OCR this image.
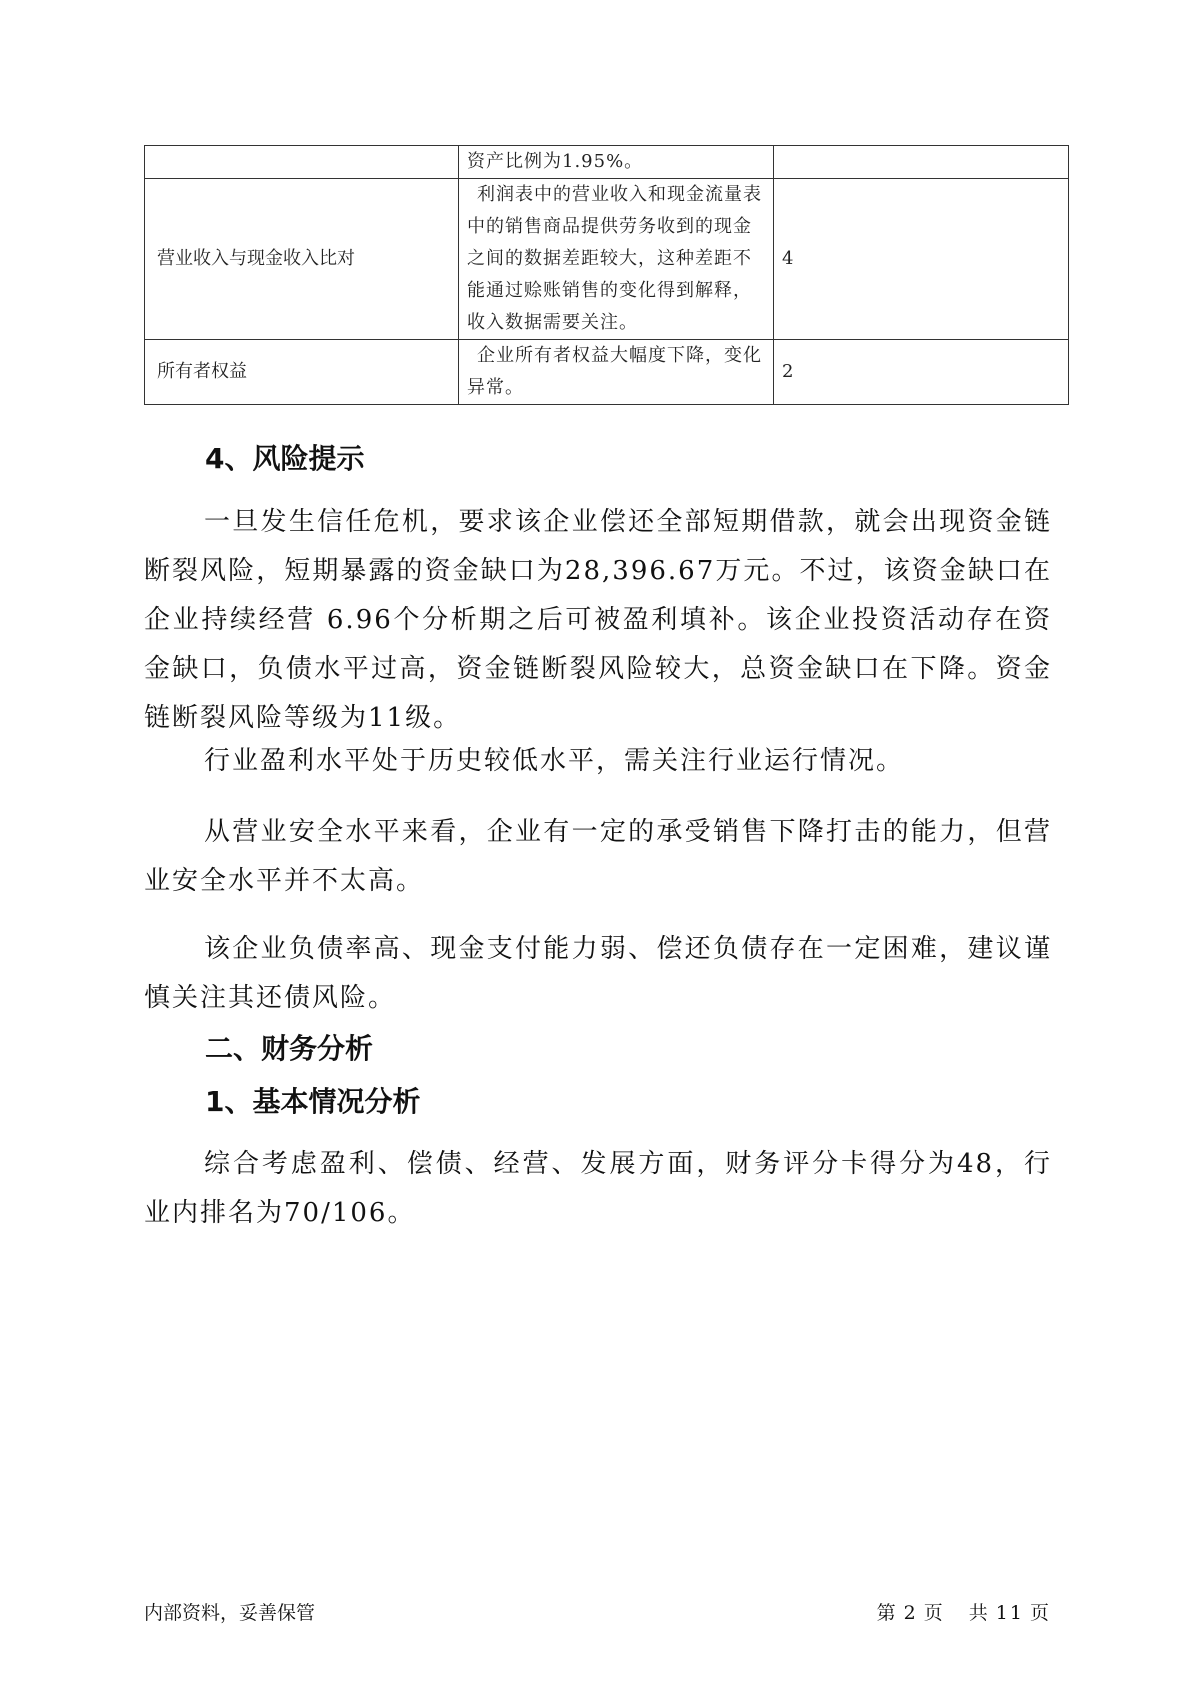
	资产比例为1.95%。	
营业收入与现金收入比对	利润表中的营业收入和现金流量表中的销售商品提供劳务收到的现金之间的数据差距较大，这种差距不能通过赊账销售的变化得到解释，收入数据需要关注。	4
所有者权益	企业所有者权益大幅度下降，变化异常。	2
4、风险提示

一旦发生信任危机，要求该企业偿还全部短期借款，就会出现资金链断裂风险，短期暴露的资金缺口为28,396.67万元。不过，该资金缺口在企业持续经营 6.96个分析期之后可被盈利填补。该企业投资活动存在资金缺口，负债水平过高，资金链断裂风险较大，总资金缺口在下降。资金链断裂风险等级为11级。

行业盈利水平处于历史较低水平，需关注行业运行情况。

从营业安全水平来看，企业有一定的承受销售下降打击的能力，但营业安全水平并不太高。

该企业负债率高、现金支付能力弱、偿还负债存在一定困难，建议谨慎关注其还债风险。

二、财务分析
1、基本情况分析

综合考虑盈利、偿债、经营、发展方面，财务评分卡得分为48，行业内排名为70/106。

内部资料，妥善保管	第 2 页 共 11 页
